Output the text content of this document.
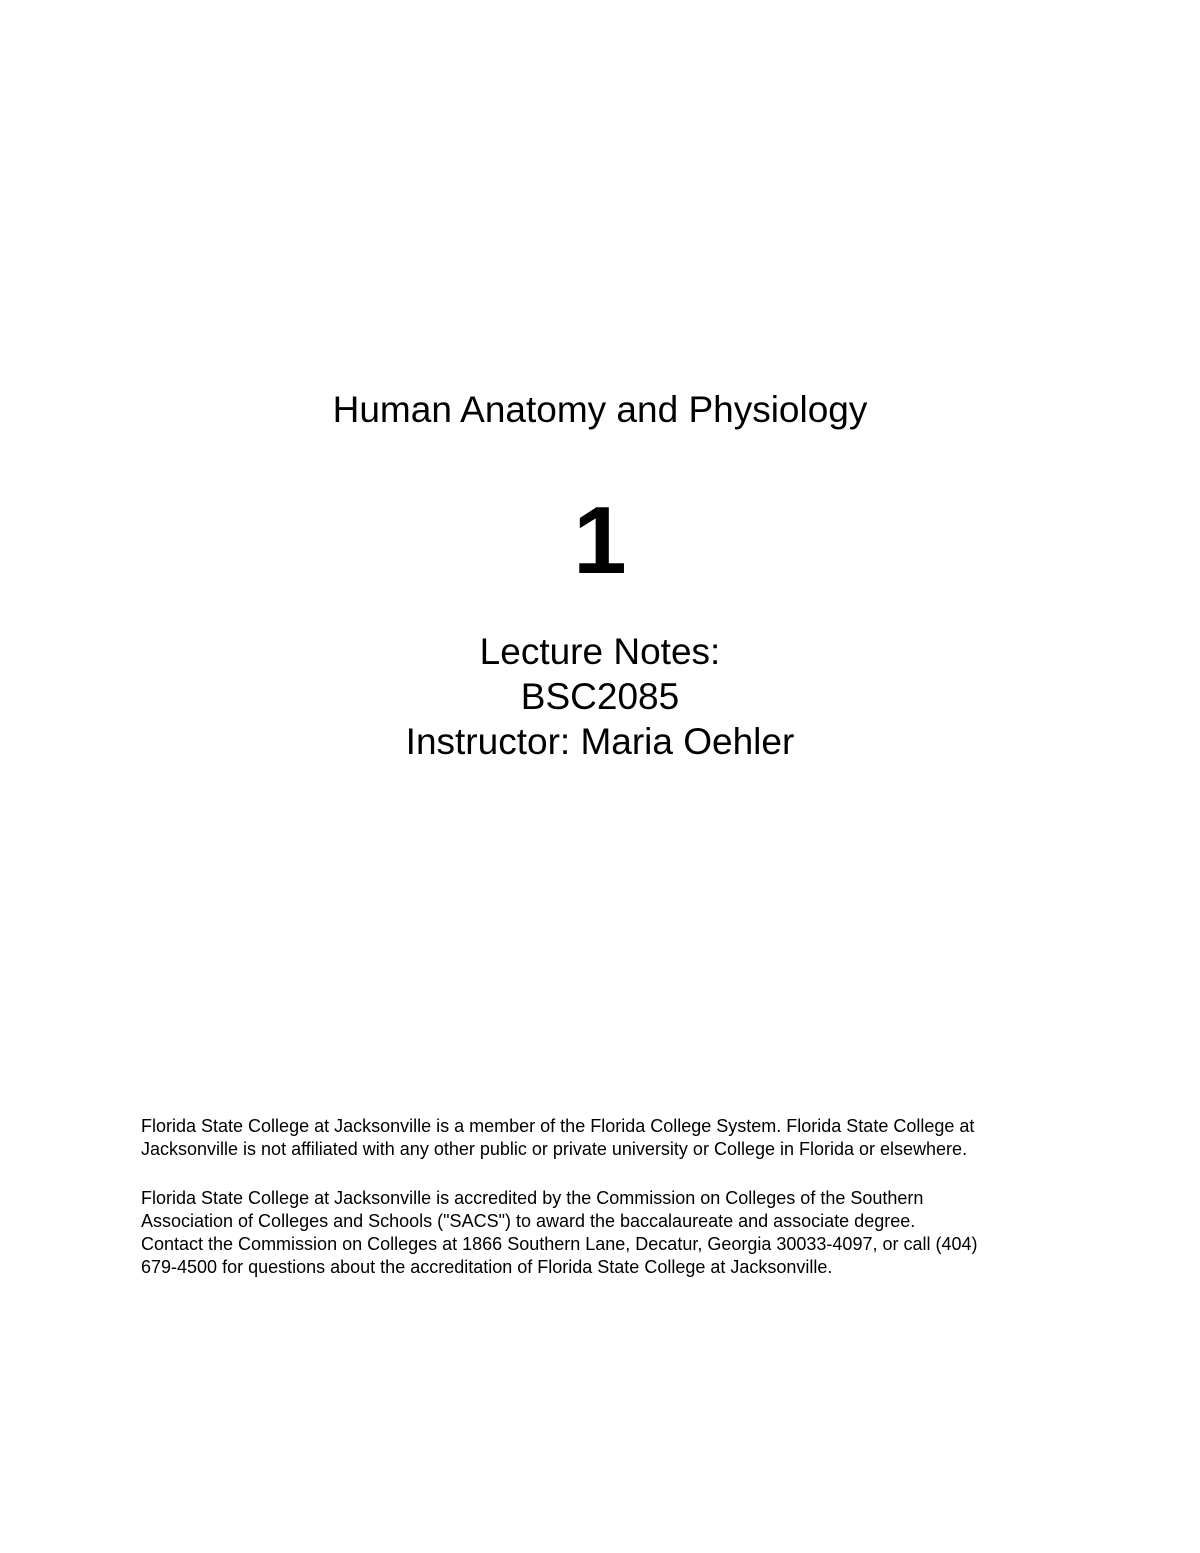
Human Anatomy and Physiology
1
Lecture Notes:
BSC2085
Instructor: Maria Oehler
Florida State College at Jacksonville is a member of the Florida College System. Florida State College at
Jacksonville is not affiliated with any other public or private university or College in Florida or elsewhere.
Florida State College at Jacksonville is accredited by the Commission on Colleges of the Southern
Association of Colleges and Schools ("SACS") to award the baccalaureate and associate degree.
Contact the Commission on Colleges at 1866 Southern Lane, Decatur, Georgia 30033-4097, or call (404)
679-4500 for questions about the accreditation of Florida State College at Jacksonville.
